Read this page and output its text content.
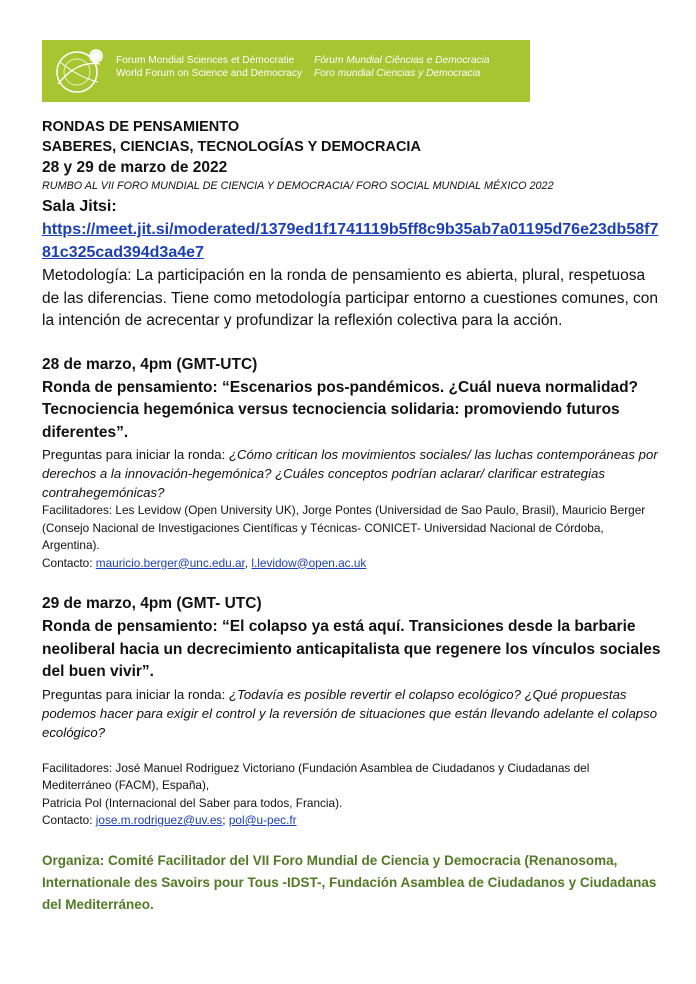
Forum Mondial Sciences et Démocratie
World Forum on Science and Democracy
Fórum Mundial Ciências e Democracia
Foro mundial Ciencias y Democracia

RONDAS DE PENSAMIENTO

SABERES, CIENCIAS, TECNOLOGÍAS Y DEMOCRACIA

28 y 29 de marzo de 2022

RUMBO AL VII FORO MUNDIAL DE CIENCIA Y DEMOCRACIA/ FORO SOCIAL MUNDIAL MÉXICO 2022

Sala Jitsi:

https://meet.jit.si/moderated/1379ed1f1741119b5ff8c9b35ab7a01195d76e23db58f781c325cad394d3a4e7

Metodología: La participación en la ronda de pensamiento es abierta, plural, respetuosa de las diferencias. Tiene como metodología participar entorno a cuestiones comunes, con la intención de acrecentar y profundizar la reflexión colectiva para la acción.

28 de marzo, 4pm (GMT-UTC)

Ronda de pensamiento: “Escenarios pos-pandémicos. ¿Cuál nueva normalidad? Tecnociencia hegemónica versus tecnociencia solidaria: promoviendo futuros diferentes”.

Preguntas para iniciar la ronda: ¿Cómo critican los movimientos sociales/ las luchas contemporáneas por derechos a la innovación-hegemónica? ¿Cuáles conceptos podrían aclarar/ clarificar estrategias contrahegemónicas?

Facilitadores: Les Levidow (Open University UK), Jorge Pontes (Universidad de Sao Paulo, Brasil), Mauricio Berger (Consejo Nacional de Investigaciones Científicas y Técnicas- CONICET- Universidad Nacional de Córdoba, Argentina).

Contacto: mauricio.berger@unc.edu.ar, l.levidow@open.ac.uk

29 de marzo, 4pm (GMT- UTC)

Ronda de pensamiento: “El colapso ya está aquí. Transiciones desde la barbarie neoliberal hacia un decrecimiento anticapitalista que regenere los vínculos sociales del buen vivir”.

Preguntas para iniciar la ronda: ¿Todavía es posible revertir el colapso ecológico? ¿Qué propuestas podemos hacer para exigir el control y la reversión de situaciones que están llevando adelante el colapso ecológico?

Facilitadores: José Manuel Rodriguez Victoriano (Fundación Asamblea de Ciudadanos y Ciudadanas del Mediterráneo (FACM), España),

Patricia Pol (Internacional del Saber para todos, Francia).

Contacto: jose.m.rodriguez@uv.es; pol@u-pec.fr

Organiza: Comité Facilitador del VII Foro Mundial de Ciencia y Democracia (Renanosoma, Internationale des Savoirs pour Tous -IDST-, Fundación Asamblea de Ciudadanos y Ciudadanas del Mediterráneo.
